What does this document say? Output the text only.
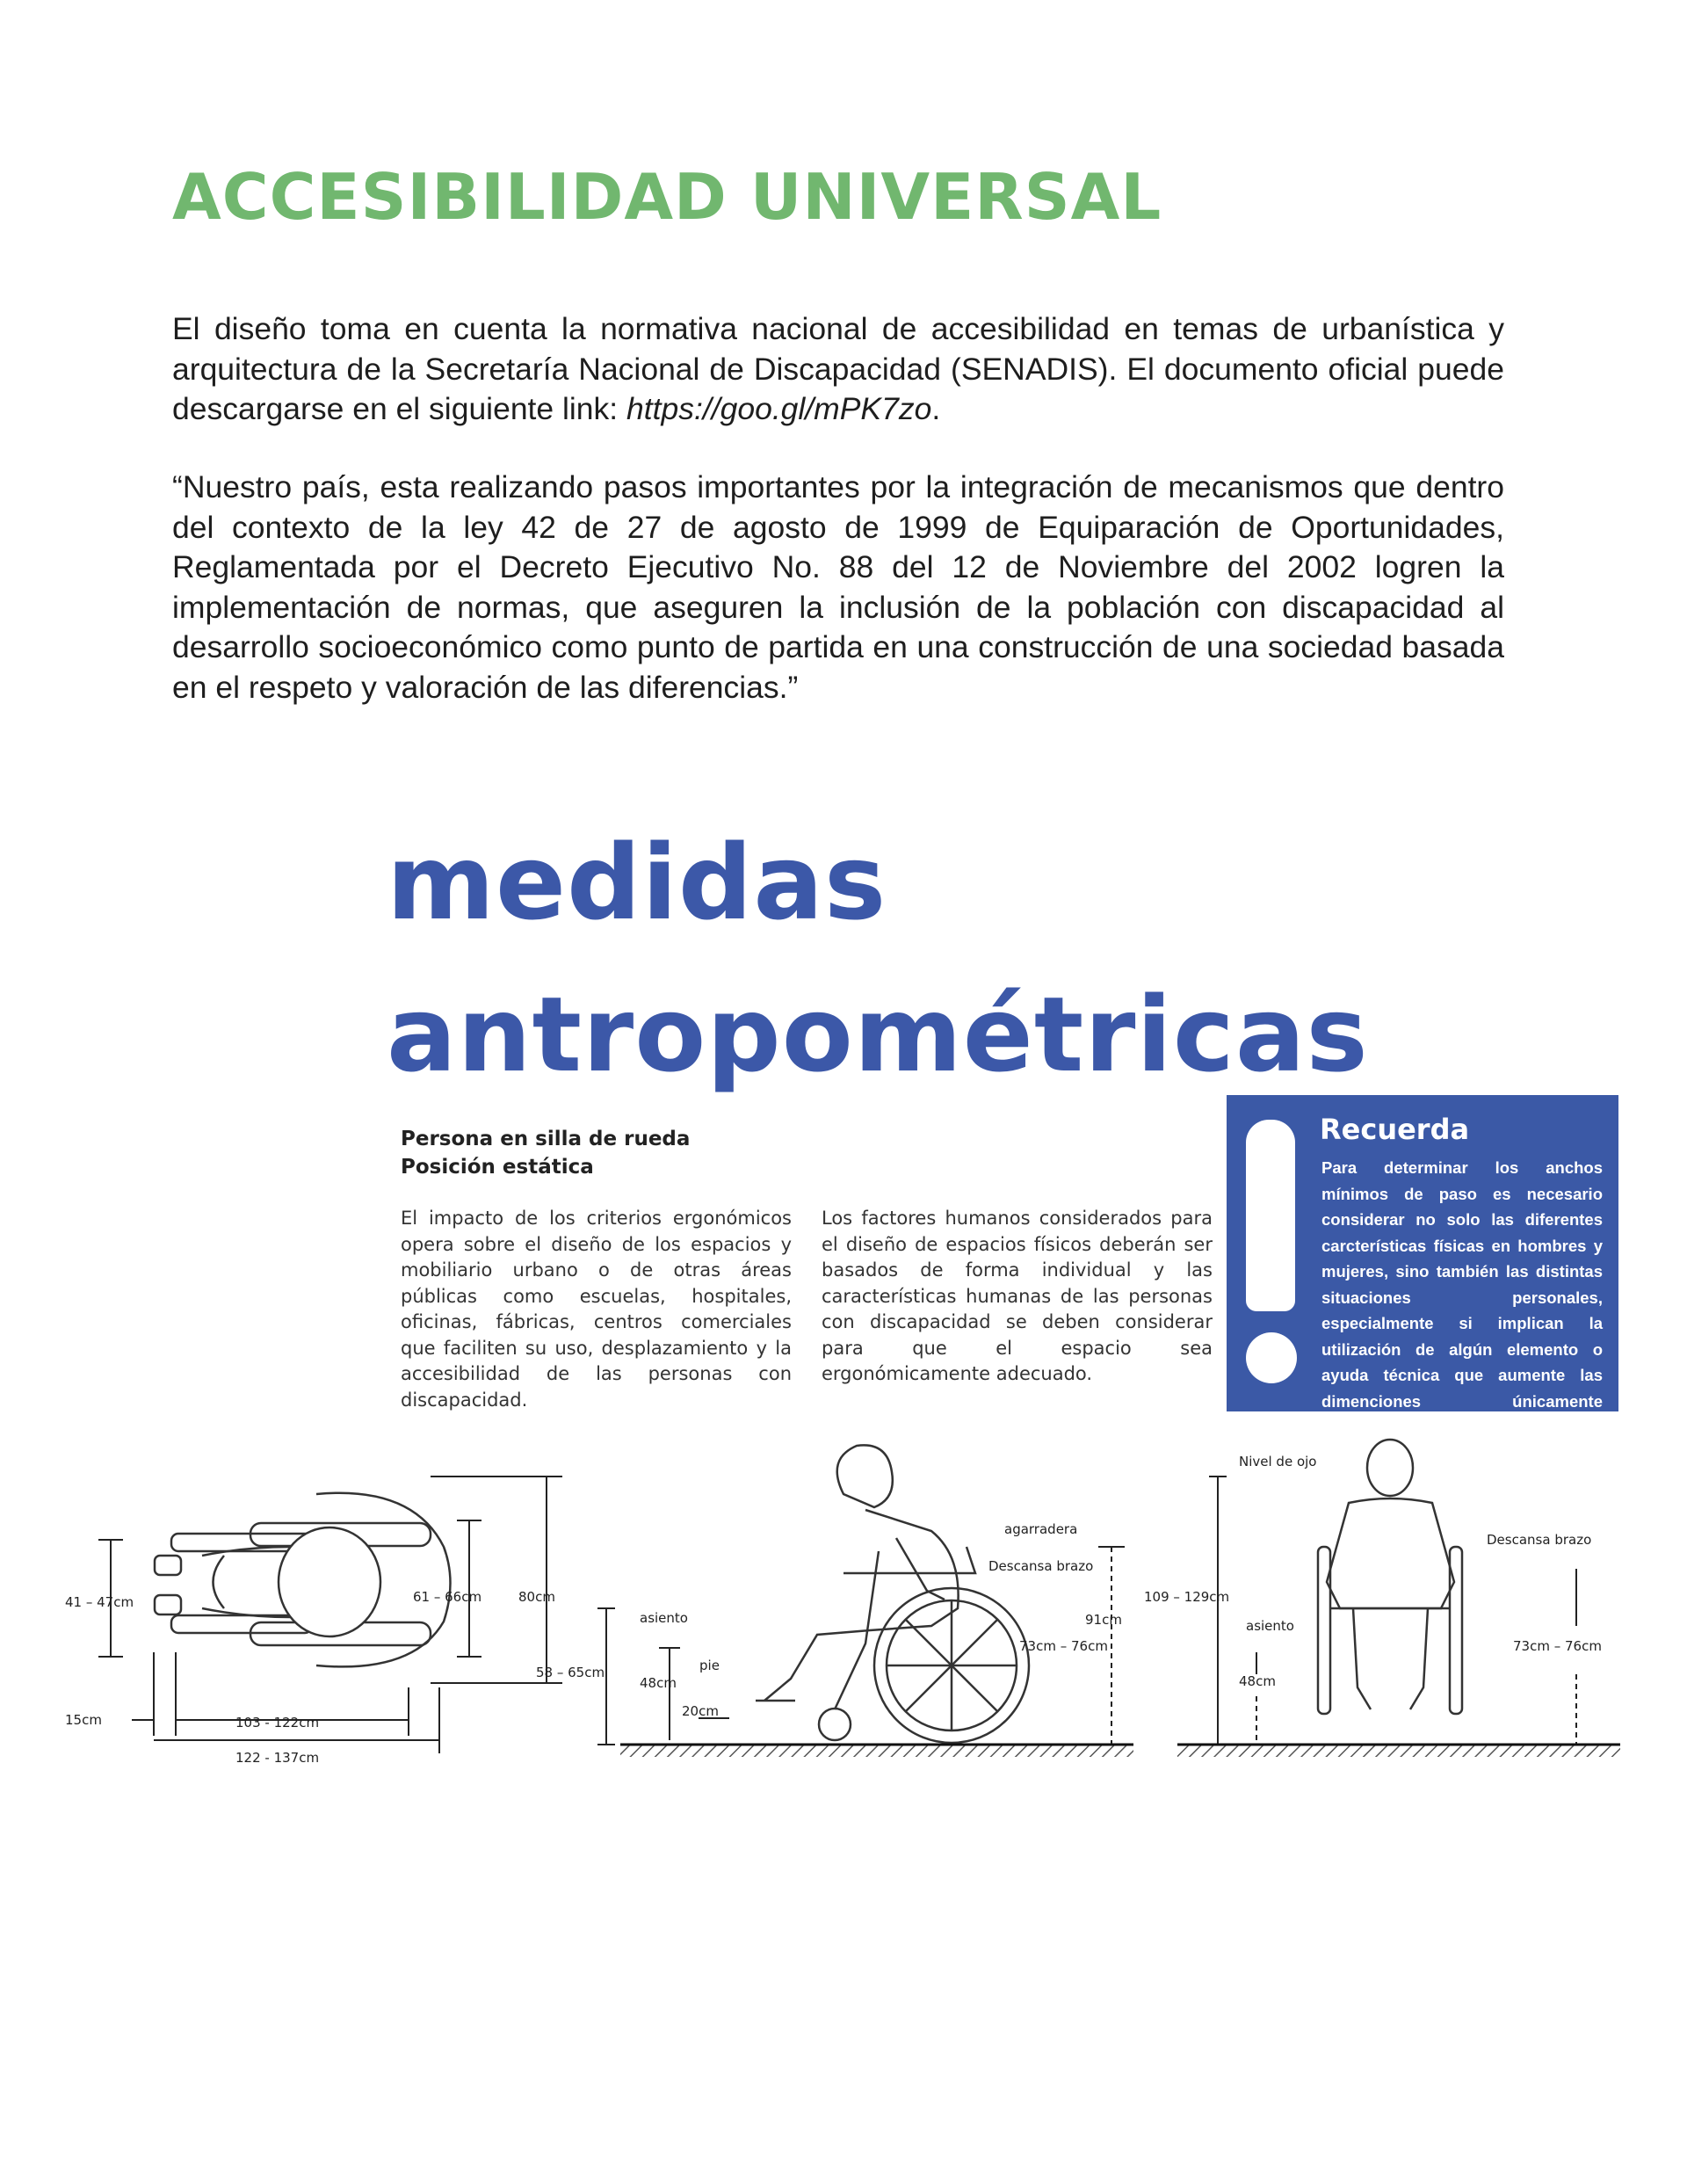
ACCESIBILIDAD UNIVERSAL

El diseño toma en cuenta la normativa nacional de accesibilidad en temas de urbanística y arquitectura de la Secretaría Nacional de Discapacidad (SENADIS). El documento oficial puede descargarse en el siguiente link: https://goo.gl/mPK7zo.

“Nuestro país, esta realizando pasos importantes por la integración de mecanismos que dentro del contexto de la ley 42 de 27 de agosto de 1999 de Equiparación de Oportunidades, Reglamentada por el Decreto Ejecutivo No. 88 del 12 de Noviembre del 2002 logren la implementación de normas, que aseguren la inclusión de la población con discapacidad al desarrollo socioeconómico como punto de partida en una construcción de una sociedad basada en el respeto y valoración de las diferencias.”

medidas
antropométricas
Persona en silla de rueda
Posición estática

El impacto de los criterios ergonómicos opera sobre el diseño de los espacios y mobiliario urbano o de otras áreas públicas como escuelas, hospitales, oficinas, fábricas, centros comerciales que faciliten su uso, desplazamiento y la accesibilidad de las personas con discapacidad.

Los factores humanos considerados para el diseño de espacios físicos deberán ser basados de forma individual y las características humanas de las personas con discapacidad se deben considerar para que el espacio sea ergonómicamente adecuado.

Recuerda

Para determinar los anchos mínimos de paso es necesario considerar no solo las diferentes carcterísticas físicas en hombres y mujeres, sino también las distintas situaciones personales, especialmente si implican la utilización de algún elemento o ayuda técnica que aumente las dimenciones únicamente corporales de la persona.

41 – 47cm
15cm	103 - 122cm
122 - 137cm
61 – 66cm	80cm
asiento
pie
48cm
20cm
58 – 65cm
agarradera
Descansa brazo
91cm
73cm – 76cm
Nivel de ojo
109 – 129cm
asiento
48cm
Descansa brazo
73cm – 76cm
